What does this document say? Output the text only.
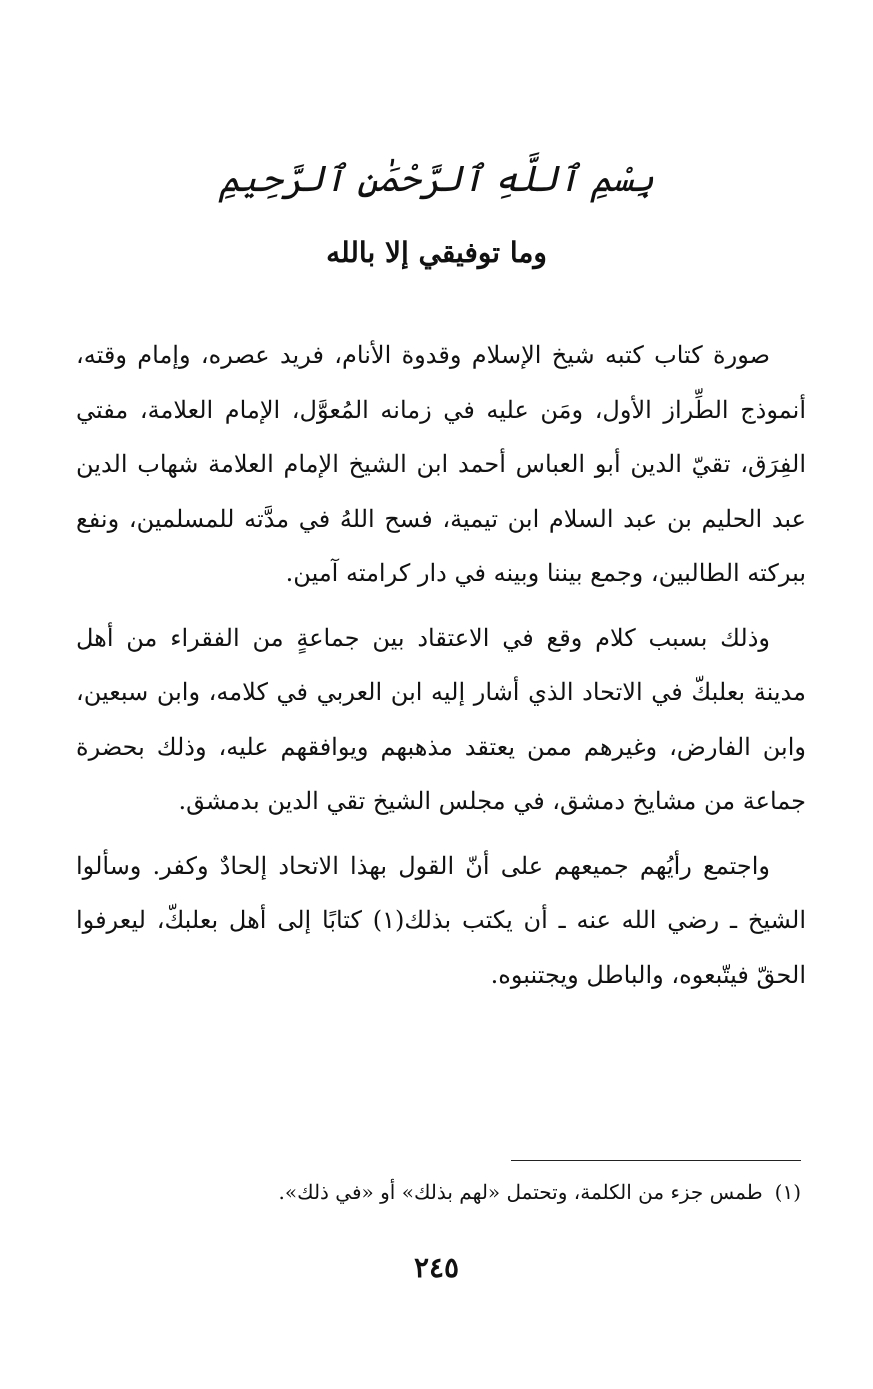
بِسْمِ ٱللَّهِ ٱلرَّحْمَٰنِ ٱلرَّحِيمِ
وما توفيقي إلا بالله

صورة كتاب كتبه شيخ الإسلام وقدوة الأنام، فريد عصره، وإمام وقته، أنموذج الطِّراز الأول، ومَن عليه في زمانه المُعوَّل، الإمام العلامة، مفتي الفِرَق، تقيّ الدين أبو العباس أحمد ابن الشيخ الإمام العلامة شهاب الدين عبد الحليم بن عبد السلام ابن تيمية، فسح اللهُ في مدَّته للمسلمين، ونفع ببركته الطالبين، وجمع بيننا وبينه في دار كرامته آمين.

وذلك بسبب كلام وقع في الاعتقاد بين جماعةٍ من الفقراء من أهل مدينة بعلبكّ في الاتحاد الذي أشار إليه ابن العربي في كلامه، وابن سبعين، وابن الفارض، وغيرهم ممن يعتقد مذهبهم ويوافقهم عليه، وذلك بحضرة جماعة من مشايخ دمشق، في مجلس الشيخ تقي الدين بدمشق.

واجتمع رأيُهم جميعهم على أنّ القول بهذا الاتحاد إلحادٌ وكفر. وسألوا الشيخ ـ رضي الله عنه ـ أن يكتب بذلك(١) كتابًا إلى أهل بعلبكّ، ليعرفوا الحقّ فيتّبعوه، والباطل ويجتنبوه.

(١)طمس جزء من الكلمة، وتحتمل «لهم بذلك» أو «في ذلك».
٢٤٥
